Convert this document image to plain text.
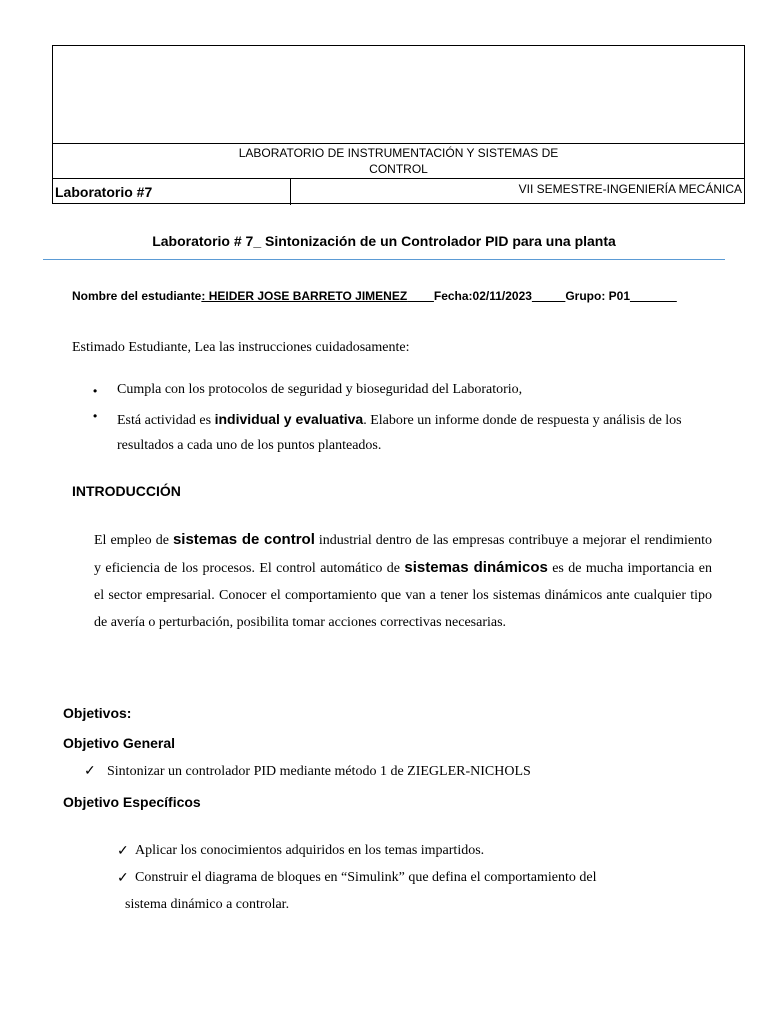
LABORATORIO DE INSTRUMENTACIÓN Y SISTEMAS DE
CONTROL
Laboratorio #7	VII SEMESTRE-INGENIERÍA MECÁNICA
Laboratorio # 7_ Sintonización de un Controlador PID para una planta
Nombre del estudiante: HEIDER JOSE BARRETO JIMENEZ____Fecha:02/11/2023_____Grupo: P01_______
Estimado Estudiante, Lea las instrucciones cuidadosamente:
• Cumpla con los protocolos de seguridad y bioseguridad del Laboratorio,
• Está actividad es individual y evaluativa. Elabore un informe donde de respuesta y análisis de los resultados a cada uno de los puntos planteados.
INTRODUCCIÓN
El empleo de sistemas de control industrial dentro de las empresas contribuye a mejorar el rendimiento y eficiencia de los procesos. El control automático de sistemas dinámicos es de mucha importancia en el sector empresarial. Conocer el comportamiento que van a tener los sistemas dinámicos ante cualquier tipo de avería o perturbación, posibilita tomar acciones correctivas necesarias.
Objetivos:
Objetivo General
✓ Sintonizar un controlador PID mediante método 1 de ZIEGLER-NICHOLS
Objetivo Específicos
✓ Aplicar los conocimientos adquiridos en los temas impartidos.
✓ Construir el diagrama de bloques en “Simulink” que defina el comportamiento del
sistema dinámico a controlar.
